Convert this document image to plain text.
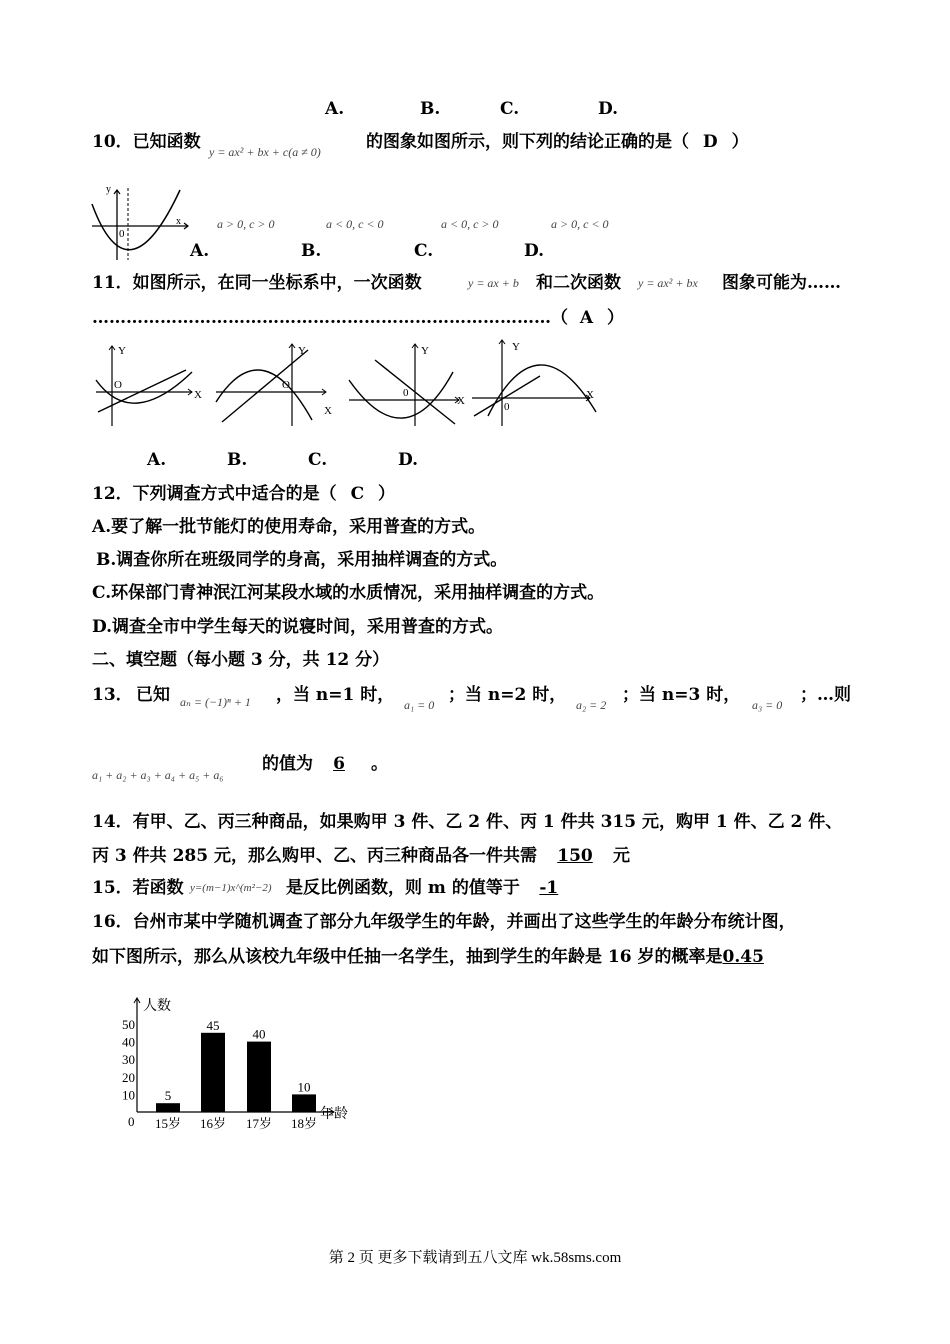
A.	B.	C.	D.
10．已知函数 y = ax² + bx + c(a ≠ 0)	的图象如图所示，则下列的结论正确的是（ D ）
x
y
0
a > 0, c > 0	a < 0, c < 0	a < 0, c > 0	a > 0, c < 0
A.	B.	C.	D.
11．如图所示，在同一坐标系中，一次函数	y = ax + b 和二次函数 y = ax² + bx 图象可能为……
………………………………………………………………………（ A ）
Y
O
X
Y
O
X
Y
0
X
Y
0
X
A.	B.	C.	D.
12．下列调查方式中适合的是（ C ）
A.要了解一批节能灯的使用寿命，采用普查的方式。
B.调查你所在班级同学的身高，采用抽样调查的方式。
C.环保部门青神泯江河某段水域的水质情况，采用抽样调查的方式。
D.调查全市中学生每天的说寝时间，采用普查的方式。
二、填空题（每小题 3 分，共 12 分）
13． 已知 aₙ = (−1)ⁿ + 1 ，当 n=1 时， a₁ = 0 ；当 n=2 时， a₂ = 2 ；当 n=3 时， a₃ = 0 ；…则
a₁ + a₂ + a₃ + a₄ + a₅ + a₆
的值为 6 。
14．有甲、乙、丙三种商品，如果购甲 3 件、乙 2 件、丙 1 件共 315 元，购甲 1 件、乙 2 件、
丙 3 件共 285 元，那么购甲、乙、丙三种商品各一件共需 150 元
15．若函数 y=(m−1)x^(m²−2) 是反比例函数，则 m 的值等于 -1
16．台州市某中学随机调查了部分九年级学生的年龄，并画出了这些学生的年龄分布统计图，
如下图所示，那么从该校九年级中任抽一名学生，抽到学生的年龄是 16 岁的概率是0.45
人数
年龄
0
10
20
30
40
50
5
15岁
45
16岁
40
17岁
10
18岁
第 2 页 更多下载请到五八文库 wk.58sms.com
